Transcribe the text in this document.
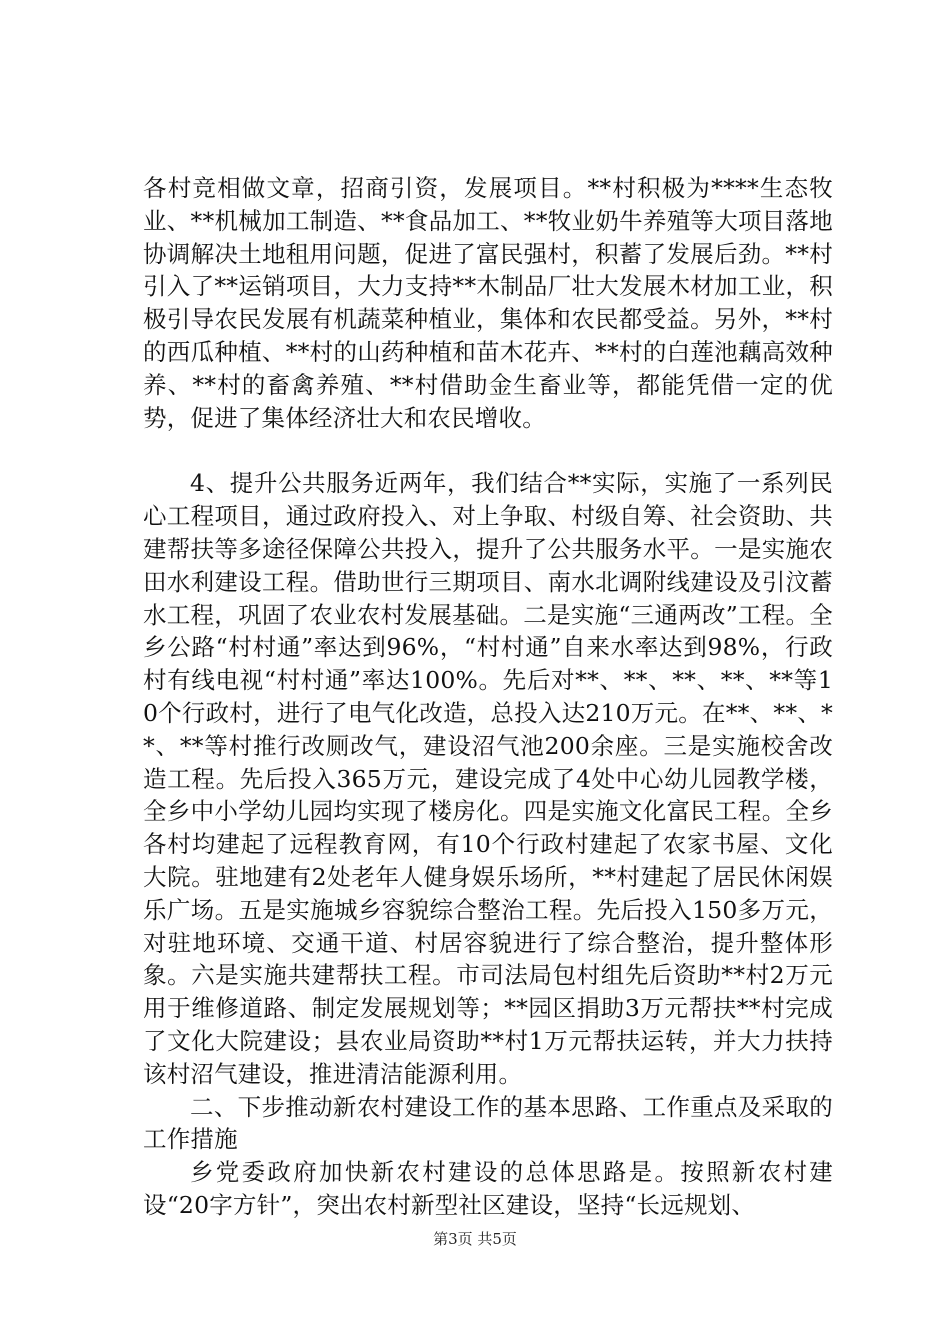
各村竞相做文章，招商引资，发展项目。**村积极为****生态牧业、**机械加工制造、**食品加工、**牧业奶牛养殖等大项目落地协调解决土地租用问题，促进了富民强村，积蓄了发展后劲。**村引入了**运销项目，大力支持**木制品厂壮大发展木材加工业，积极引导农民发展有机蔬菜种植业，集体和农民都受益。另外，**村的西瓜种植、**村的山药种植和苗木花卉、**村的白莲池藕高效种养、**村的畜禽养殖、**村借助金生畜业等，都能凭借一定的优势，促进了集体经济壮大和农民增收。

4、提升公共服务近两年，我们结合**实际，实施了一系列民心工程项目，通过政府投入、对上争取、村级自筹、社会资助、共建帮扶等多途径保障公共投入，提升了公共服务水平。一是实施农田水利建设工程。借助世行三期项目、南水北调附线建设及引汶蓄水工程，巩固了农业农村发展基础。二是实施“三通两改”工程。全乡公路“村村通”率达到96%，“村村通”自来水率达到98%，行政村有线电视“村村通”率达100%。先后对**、**、**、**、**等10个行政村，进行了电气化改造，总投入达210万元。在**、**、**、**等村推行改厕改气，建设沼气池200余座。三是实施校舍改造工程。先后投入365万元，建设完成了4处中心幼儿园教学楼，全乡中小学幼儿园均实现了楼房化。四是实施文化富民工程。全乡各村均建起了远程教育网，有10个行政村建起了农家书屋、文化大院。驻地建有2处老年人健身娱乐场所，**村建起了居民休闲娱乐广场。五是实施城乡容貌综合整治工程。先后投入150多万元，对驻地环境、交通干道、村居容貌进行了综合整治，提升整体形象。六是实施共建帮扶工程。市司法局包村组先后资助**村2万元用于维修道路、制定发展规划等；**园区捐助3万元帮扶**村完成了文化大院建设；县农业局资助**村1万元帮扶运转，并大力扶持该村沼气建设，推进清洁能源利用。

二、下步推动新农村建设工作的基本思路、工作重点及采取的工作措施

乡党委政府加快新农村建设的总体思路是。按照新农村建设“20字方针”，突出农村新型社区建设，坚持“长远规划、

第3页 共5页
